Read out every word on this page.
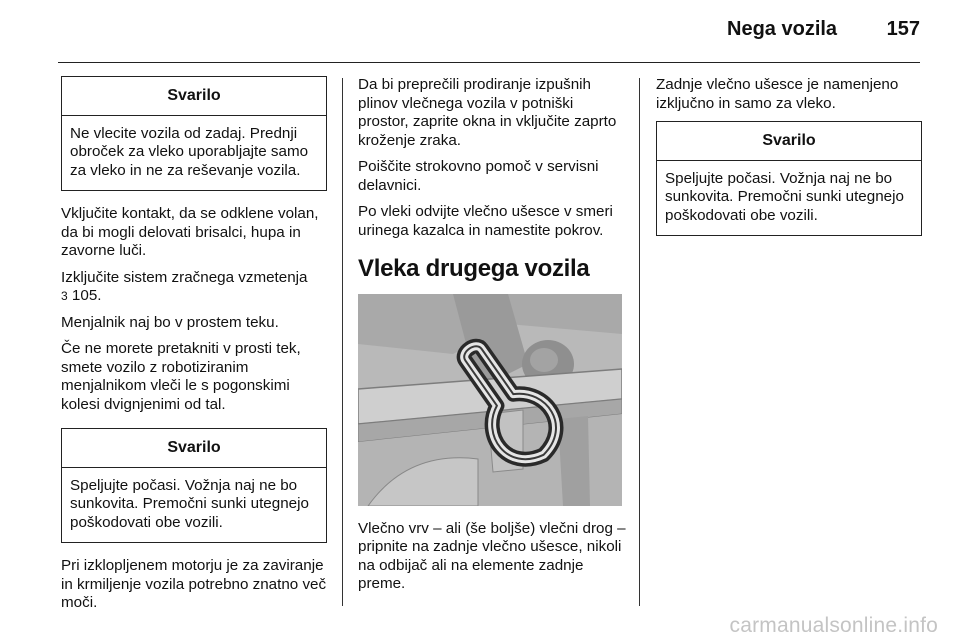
Nega vozila 157
Svarilo
Ne vlecite vozila od zadaj. Prednji obroček za vleko uporabljajte samo za vleko in ne za reševanje vozila.

Vključite kontakt, da se odklene volan, da bi mogli delovati brisalci, hupa in zavorne luči.

Izključite sistem zračnega vzmetenja
3 105.

Menjalnik naj bo v prostem teku.

Če ne morete pretakniti v prosti tek, smete vozilo z robotiziranim menjalnikom vleči le s pogonskimi kolesi dvignjenimi od tal.

Svarilo
Speljujte počasi. Vožnja naj ne bo sunkovita. Premočni sunki utegnejo poškodovati obe vozili.

Pri izklopljenem motorju je za zaviranje in krmiljenje vozila potrebno znatno več moči.

Da bi preprečili prodiranje izpušnih plinov vlečnega vozila v potniški prostor, zaprite okna in vključite zaprto kroženje zraka.

Poiščite strokovno pomoč v servisni delavnici.

Po vleki odvijte vlečno ušesce v smeri urinega kazalca in namestite pokrov.

Vleka drugega vozila

Vlečno vrv – ali (še boljše) vlečni drog – pripnite na zadnje vlečno ušesce, nikoli na odbijač ali na elemente zadnje preme.

Zadnje vlečno ušesce je namenjeno izključno in samo za vleko.

Svarilo
Speljujte počasi. Vožnja naj ne bo sunkovita. Premočni sunki utegnejo poškodovati obe vozili.
carmanualsonline.info
